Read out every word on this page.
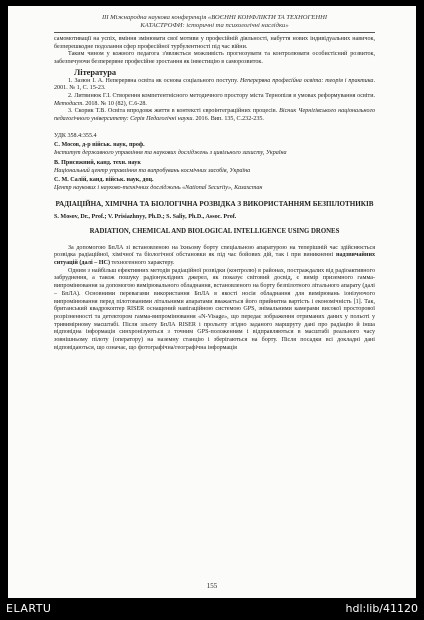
III Міжнародна наукова конференція «ВОЄННІ КОНФЛІКТИ ТА ТЕХНОГЕННІ
КАТАСТРОФИ: історичні та психологічні наслідки»

самомотивації на успіх, вміння змінювати свої мотиви у професійній діяльності, набуття нових індивідуальних навичок, безперешкодне подолання сфер професійної турбулентності під час війни.

Таким чином у кожного педагога з'являється можливість прогнозувати та контролювати особистісний розвиток, забезпечуючи безперервне професійне зростання як інвестицію в саморозвиток.

Література

1. Зазюн І. А. Неперервна освіта як основа соціального поступу. Неперервна професійна освіта: теорія і практика. 2001. № 1, С. 15-23.

2. Литвинюк Г.І. Створення компетентнісного методичного простору міста Тернопіля в умовах реформування освіти. Методист. 2018. № 10 (82), С.6-28.

3. Скорик Т.В. Освіта впродовж життя в контексті євроінтеграційних процесів. Вісник Чернігівського національного педагогічного університету: Серія Педагогічні науки. 2016. Вип. 135, С.232-235.

УДК 358.4:355.4
С. Мосов, д-р військ. наук, проф.
Інститут державного управління та наукових досліджень з цивільного захисту, Україна
В. Присяжний, канд. техн. наук
Національний центр управління та випробувань космічних засобів, Україна
С. М. Салій, канд. військ. наук, доц.
Центр наукових і науково-технічних досліджень «National Security», Казахстан
РАДІАЦІЙНА, ХІМІЧНА ТА БІОЛОГІЧНА РОЗВІДКА З ВИКОРИСТАННЯМ БЕЗПІЛОТНИКІВ
S. Mosov, Dr., Prof.; V. Prisiazhnyy, Ph.D.; S. Saliy, Ph.D., Assoc. Prof.
RADIATION, CHEMICAL AND BIOLOGICAL INTELLIGENCE USING DRONES

За допомогою БпЛА зі встановленою на їхньому борту спеціальною апаратурою на теперішній час здійснюється розвідка радіаційної, хімічної та біологічної обстановки як під час бойових дій, так і при виникненні надзвичайних ситуацій (далі – НС) техногенного характеру.

Одним з найбільш ефективних методів радіаційної розвідки (контролю) в районах, постраждалих від радіоактивного забруднення, а також пошуку радіонуклідних джерел, як показує світовий досвід, є вимір приземного гамма-випромінювання за допомогою вимірювального обладнання, встановленого на борту безпілотного літального апарату (далі – БпЛА). Основними перевагами використання БпЛА в якості носія обладнання для вимірювань іонізуючого випромінювання перед пілотованими літальними апаратами вважається його прийнятна вартість і економічність [1]. Так, британський квадрокоптер RISER оснащений навігаційною системою GPS, знімальними камерами високої просторової розрізненності та детектором гамма-випромінювання «N-Visage», що передає зображення отриманих даних у польоті у тривимірному масштабі. Після зльоту БпЛА RISER і прольоту згідно заданого маршруту дані про радіацію й інша відповідна інформація синхронізуються з точним GPS-положенням і відправляються в масштабі реального часу зовнішньому пілоту (оператору) на наземну станцію і зберігаються на борту. Після посадки всі докладні дані відповідаються, що означає, що фотографічна/географічна інформація

155
ELARTU	hdl:lib/41120
